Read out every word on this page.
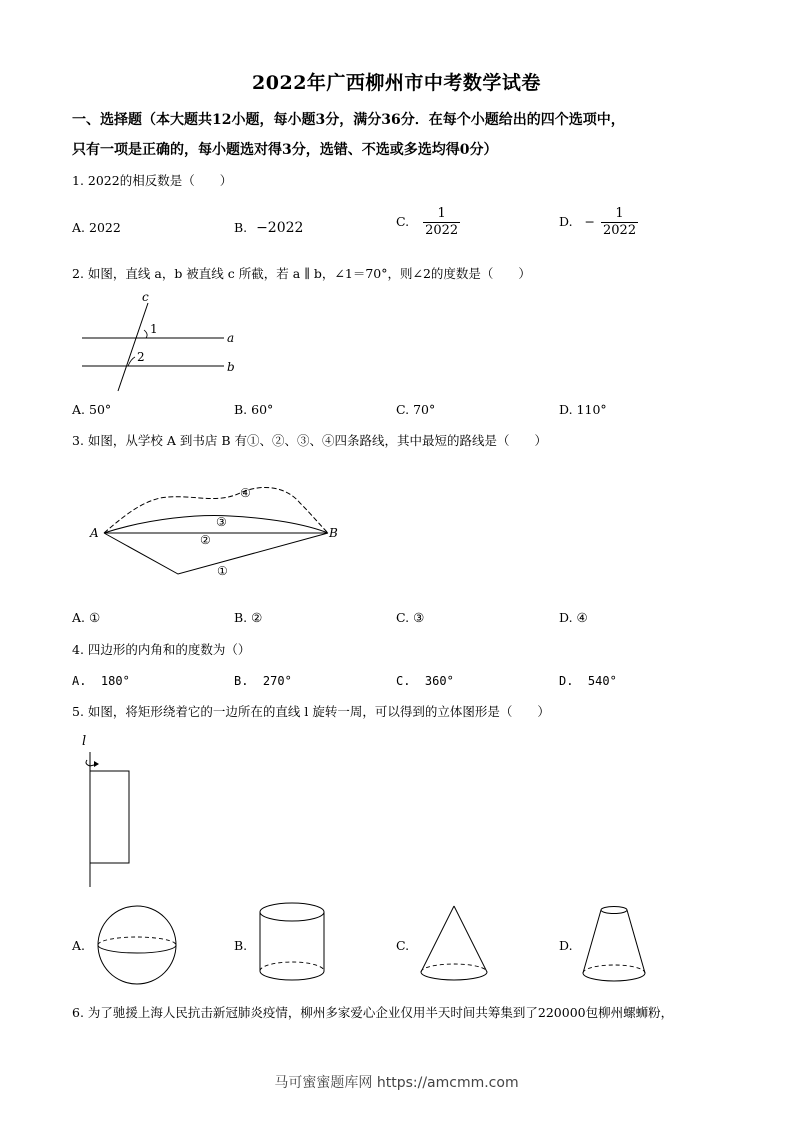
2022年广西柳州市中考数学试卷
一、选择题（本大题共12小题，每小题3分，满分36分．在每个小题给出的四个选项中，
只有一项是正确的，每小题选对得3分，选错、不选或多选均得0分）
1. 2022的相反数是（　　）
A. 2022	B. −2022	C. $\frac{1}{2022}$	D. − $\frac{1}{2022}$
2. 如图，直线 a，b 被直线 c 所截，若 a ∥ b，∠1＝70°，则∠2的度数是（　　）
c
a
b
1
2
A. 50°	B. 60°	C. 70°	D. 110°
3. 如图，从学校 A 到书店 B 有①、②、③、④四条路线，其中最短的路线是（　　）
A	B
①
②
③
④
A. ①	B. ②	C. ③	D. ④
4. 四边形的内角和的度数为（）
A. 180°	B. 270°	C. 360°	D. 540°
5. 如图，将矩形绕着它的一边所在的直线 l 旋转一周，可以得到的立体图形是（　　）
l
A.	B.	C.	D.
6. 为了驰援上海人民抗击新冠肺炎疫情，柳州多家爱心企业仅用半天时间共筹集到了220000包柳州螺蛳粉，
马可蜜蜜题库网 https://amcmm.com
